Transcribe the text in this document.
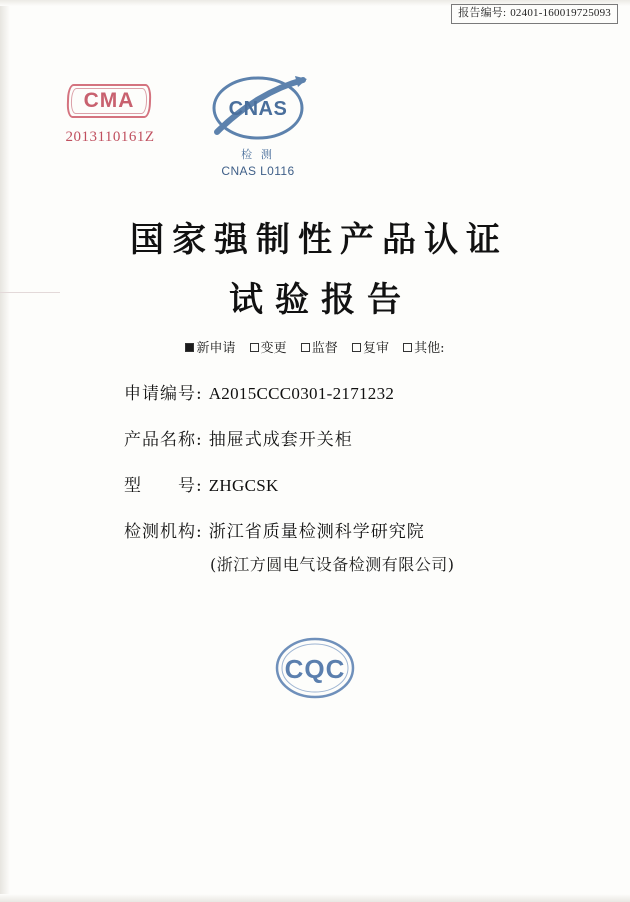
报告编号: 02401-160019725093
CMA
2013110161Z
CNAS
检 测
CNAS L0116
国家强制性产品认证
试验报告
新申请 变更 监督 复审 其他:
申请编号: A2015CCC0301-2171232
产品名称: 抽屉式成套开关柜
型　　号: ZHGCSK
检测机构: 浙江省质量检测科学研究院
(浙江方圆电气设备检测有限公司)
CQC
